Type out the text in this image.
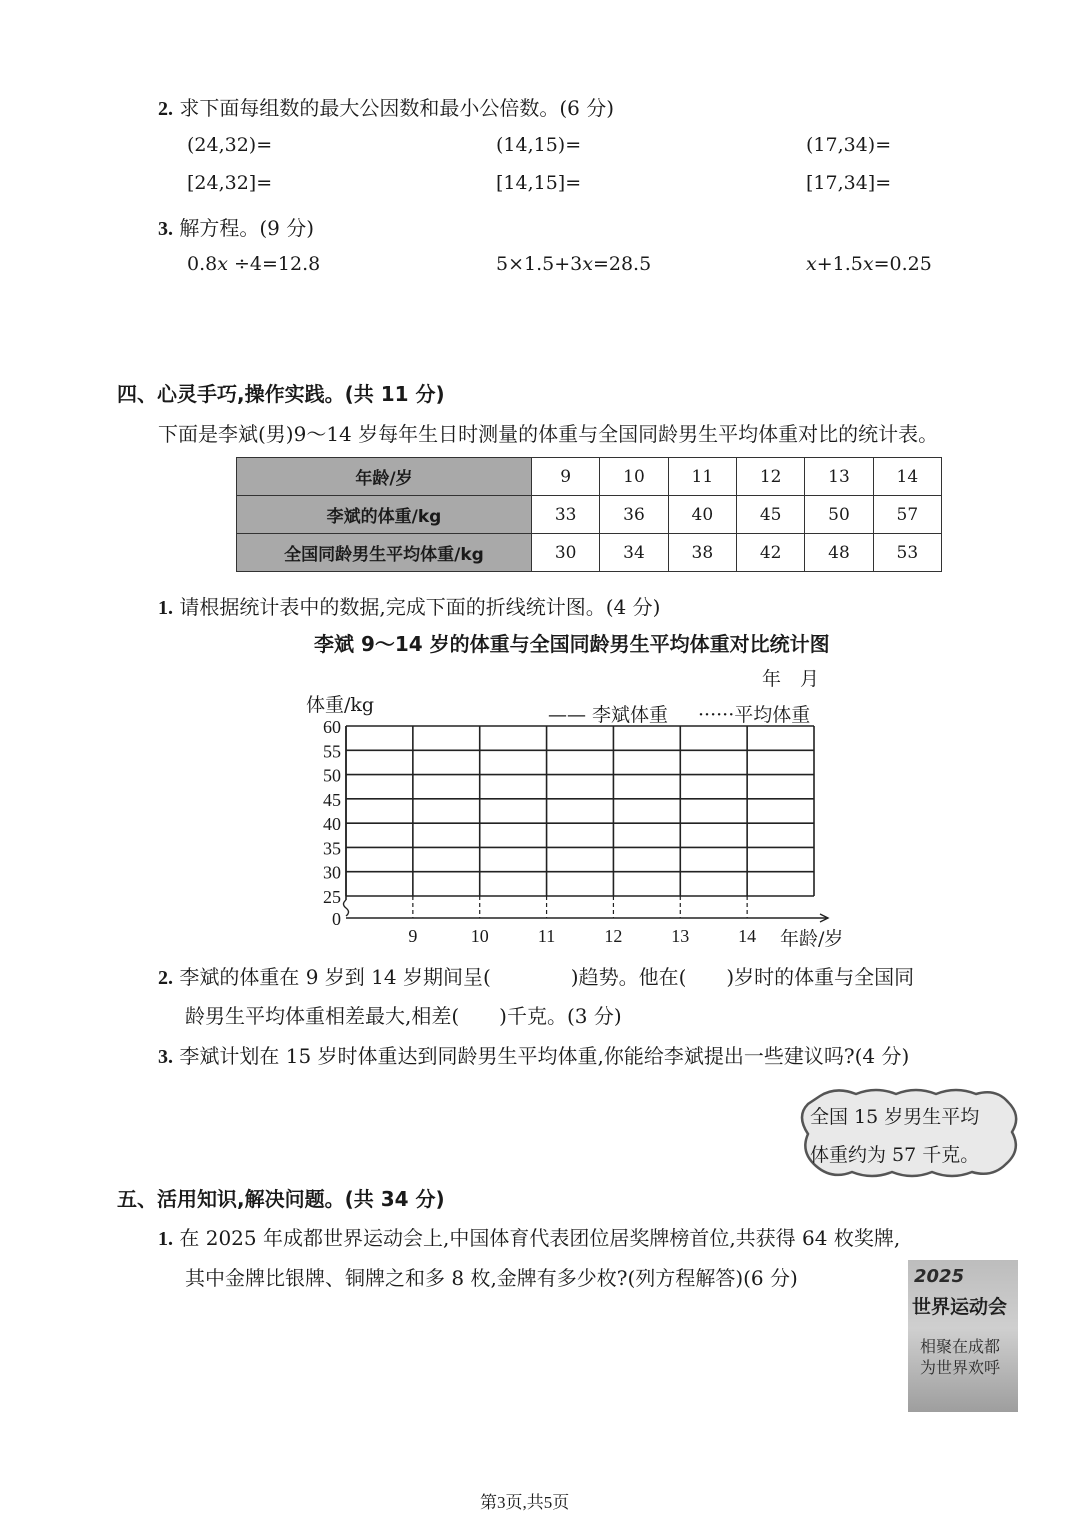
2. 求下面每组数的最大公因数和最小公倍数。(6 分)
(24,32)=	(14,15)=	(17,34)=
[24,32]=	[14,15]=	[17,34]=
3. 解方程。(9 分)
0.8𝑥 ÷4=12.8	5×1.5+3𝑥=28.5	𝑥+1.5𝑥=0.25
四、心灵手巧,操作实践。(共 11 分)
下面是李斌(男)9～14 岁每年生日时测量的体重与全国同龄男生平均体重对比的统计表。
年龄/岁	9	10	11	12	13	14
李斌的体重/kg	33	36	40	45	50	57
全国同龄男生平均体重/kg	30	34	38	42	48	53
1. 请根据统计表中的数据,完成下面的折线统计图。(4 分)
李斌 9～14 岁的体重与全国同龄男生平均体重对比统计图
年　月
体重/kg	—— 李斌体重 ······平均体重
年龄/岁
0
25
30
35
40
45
50
55
60
9	10	11	12	13	14
2. 李斌的体重在 9 岁到 14 岁期间呈(　　　　)趋势。他在(　　)岁时的体重与全国同
龄男生平均体重相差最大,相差(　　)千克。(3 分)
3. 李斌计划在 15 岁时体重达到同龄男生平均体重,你能给李斌提出一些建议吗?(4 分)
全国 15 岁男生平均
体重约为 57 千克。
五、活用知识,解决问题。(共 34 分)
1. 在 2025 年成都世界运动会上,中国体育代表团位居奖牌榜首位,共获得 64 枚奖牌,
其中金牌比银牌、铜牌之和多 8 枚,金牌有多少枚?(列方程解答)(6 分)	2025
世界运动会
相聚在成都
为世界欢呼
第3页,共5页
